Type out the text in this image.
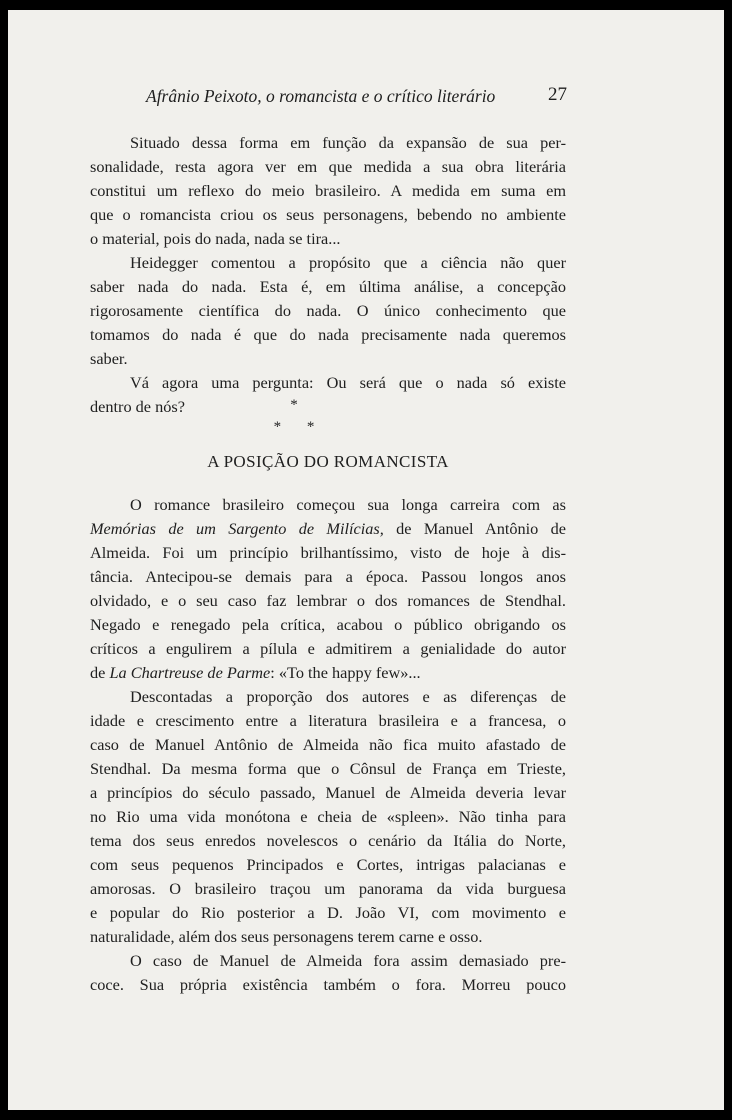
Afrânio Peixoto, o romancista e o crítico literário	27
Situado dessa forma em função da expansão de sua per-
sonalidade, resta agora ver em que medida a sua obra literária
constitui um reflexo do meio brasileiro. A medida em suma em
que o romancista criou os seus personagens, bebendo no ambiente
o material, pois do nada, nada se tira...
Heidegger comentou a propósito que a ciência não quer
saber nada do nada. Esta é, em última análise, a concepção
rigorosamente científica do nada. O único conhecimento que
tomamos do nada é que do nada precisamente nada queremos
saber.
Vá agora uma pergunta: Ou será que o nada só existe
dentro de nós?	*
* *
A POSIÇÃO DO ROMANCISTA
O romance brasileiro começou sua longa carreira com as
Memórias de um Sargento de Milícias, de Manuel Antônio de
Almeida. Foi um princípio brilhantíssimo, visto de hoje à dis-
tância. Antecipou-se demais para a época. Passou longos anos
olvidado, e o seu caso faz lembrar o dos romances de Stendhal.
Negado e renegado pela crítica, acabou o público obrigando os
críticos a engulirem a pílula e admitirem a genialidade do autor
de La Chartreuse de Parme: «To the happy few»...
Descontadas a proporção dos autores e as diferenças de
idade e crescimento entre a literatura brasileira e a francesa, o
caso de Manuel Antônio de Almeida não fica muito afastado de
Stendhal. Da mesma forma que o Cônsul de França em Trieste,
a princípios do século passado, Manuel de Almeida deveria levar
no Rio uma vida monótona e cheia de «spleen». Não tinha para
tema dos seus enredos novelescos o cenário da Itália do Norte,
com seus pequenos Principados e Cortes, intrigas palacianas e
amorosas. O brasileiro traçou um panorama da vida burguesa
e popular do Rio posterior a D. João VI, com movimento e
naturalidade, além dos seus personagens terem carne e osso.
O caso de Manuel de Almeida fora assim demasiado pre-
coce. Sua própria existência também o fora. Morreu pouco
